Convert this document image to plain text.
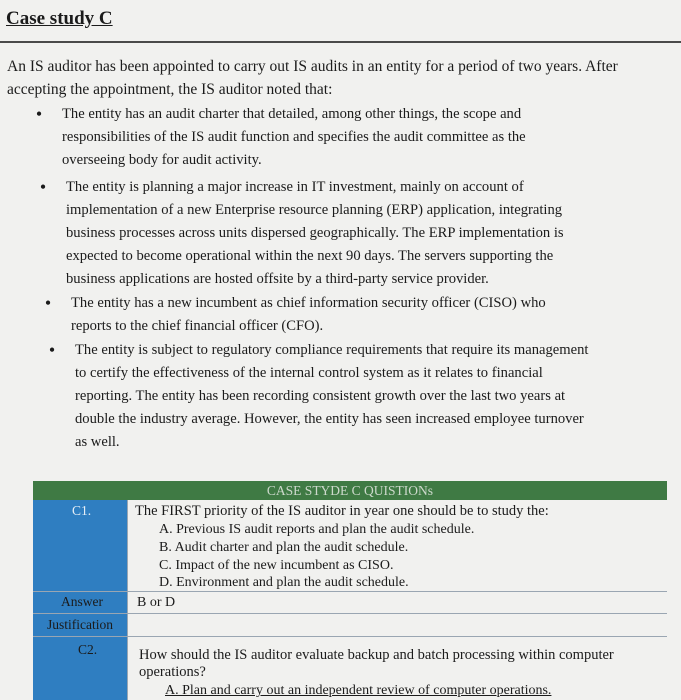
Case study C
An IS auditor has been appointed to carry out IS audits in an entity for a period of two years. After accepting the appointment, the IS auditor noted that:
• The entity has an audit charter that detailed, among other things, the scope and
responsibilities of the IS audit function and specifies the audit committee as the
overseeing body for audit activity.
• The entity is planning a major increase in IT investment, mainly on account of
implementation of a new Enterprise resource planning (ERP) application, integrating
business processes across units dispersed geographically. The ERP implementation is
expected to become operational within the next 90 days. The servers supporting the
business applications are hosted offsite by a third-party service provider.
• The entity has a new incumbent as chief information security officer (CISO) who
reports to the chief financial officer (CFO).
• The entity is subject to regulatory compliance requirements that require its management
to certify the effectiveness of the internal control system as it relates to financial
reporting. The entity has been recording consistent growth over the last two years at
double the industry average. However, the entity has seen increased employee turnover
as well.
CASE STYDE C QUISTIONs
C1.	The FIRST priority of the IS auditor in year one should be to study the:
A. Previous IS audit reports and plan the audit schedule.
B. Audit charter and plan the audit schedule.
C. Impact of the new incumbent as CISO.
D. Environment and plan the audit schedule.
Answer B or D
Justification
C2.	How should the IS auditor evaluate backup and batch processing within computer
operations?
A. Plan and carry out an independent review of computer operations.
